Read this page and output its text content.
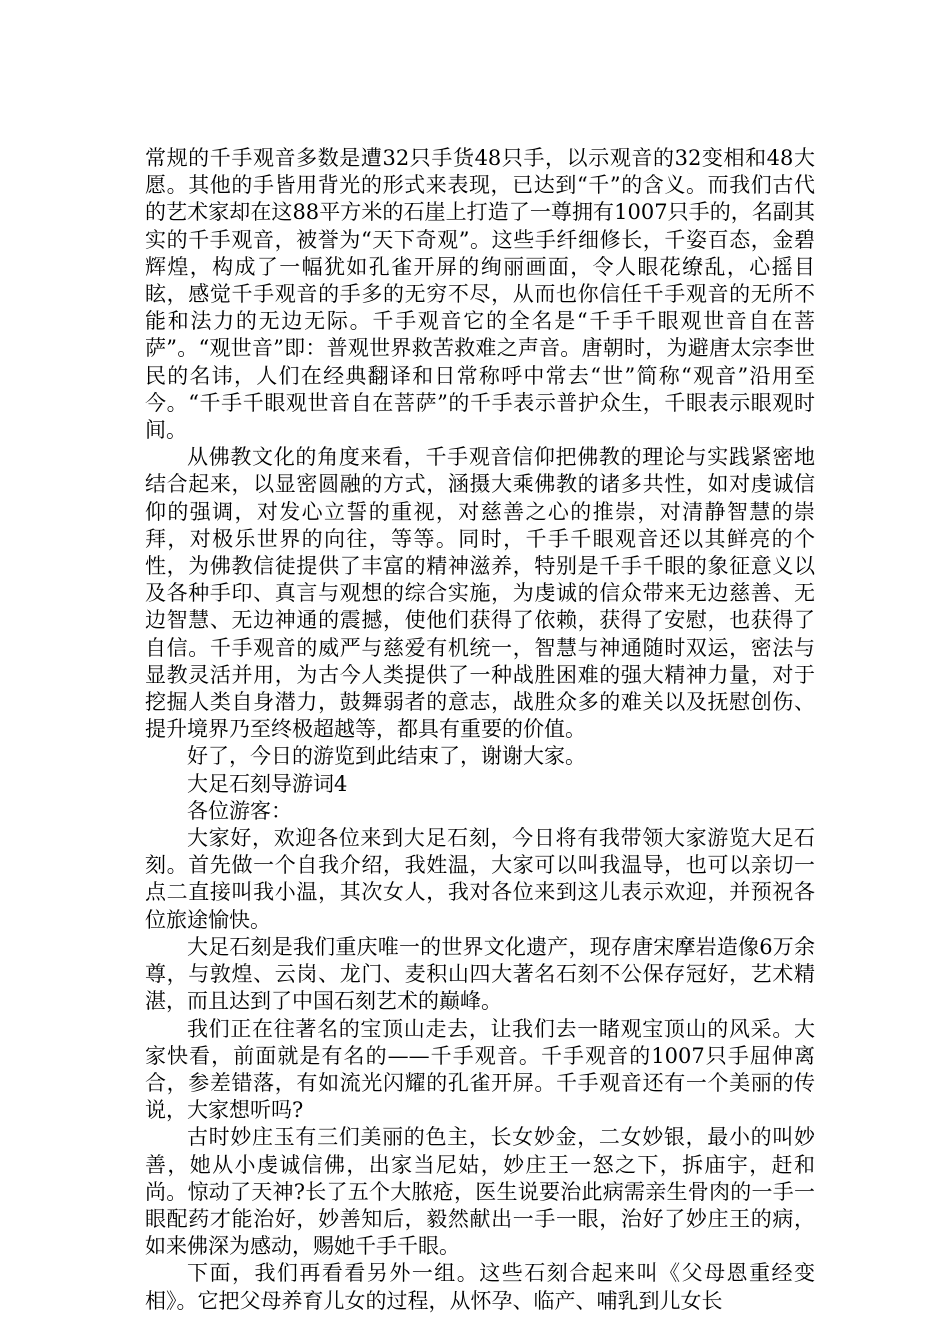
常规的千手观音多数是遭32只手货48只手，以示观音的32变相和48大愿。其他的手皆用背光的形式来表现，已达到“千”的含义。而我们古代的艺术家却在这88平方米的石崖上打造了一尊拥有1007只手的，名副其实的千手观音，被誉为“天下奇观”。这些手纤细修长，千姿百态，金碧辉煌，构成了一幅犹如孔雀开屏的绚丽画面，令人眼花缭乱，心摇目眩，感觉千手观音的手多的无穷不尽，从而也你信任千手观音的无所不能和法力的无边无际。千手观音它的全名是“千手千眼观世音自在菩萨”。“观世音”即：普观世界救苦救难之声音。唐朝时，为避唐太宗李世民的名讳，人们在经典翻译和日常称呼中常去“世”简称“观音”沿用至今。“千手千眼观世音自在菩萨”的千手表示普护众生，千眼表示眼观时间。

从佛教文化的角度来看，千手观音信仰把佛教的理论与实践紧密地结合起来，以显密圆融的方式，涵摄大乘佛教的诸多共性，如对虔诚信仰的强调，对发心立誓的重视，对慈善之心的推崇，对清静智慧的崇拜，对极乐世界的向往，等等。同时，千手千眼观音还以其鲜亮的个性，为佛教信徒提供了丰富的精神滋养，特别是千手千眼的象征意义以及各种手印、真言与观想的综合实施，为虔诚的信众带来无边慈善、无边智慧、无边神通的震撼，使他们获得了依赖，获得了安慰，也获得了自信。千手观音的威严与慈爱有机统一，智慧与神通随时双运，密法与显教灵活并用，为古今人类提供了一种战胜困难的强大精神力量，对于挖掘人类自身潜力，鼓舞弱者的意志，战胜众多的难关以及抚慰创伤、提升境界乃至终极超越等，都具有重要的价值。

好了，今日的游览到此结束了，谢谢大家。

大足石刻导游词4

各位游客：

大家好，欢迎各位来到大足石刻，今日将有我带领大家游览大足石刻。首先做一个自我介绍，我姓温，大家可以叫我温导，也可以亲切一点二直接叫我小温，其次女人，我对各位来到这儿表示欢迎，并预祝各位旅途愉快。

大足石刻是我们重庆唯一的世界文化遗产，现存唐宋摩岩造像6万余尊，与敦煌、云岗、龙门、麦积山四大著名石刻不公保存冠好，艺术精湛，而且达到了中国石刻艺术的巅峰。

我们正在往著名的宝顶山走去，让我们去一睹观宝顶山的风采。大家快看，前面就是有名的——千手观音。千手观音的1007只手屈伸离合，参差错落，有如流光闪耀的孔雀开屏。千手观音还有一个美丽的传说，大家想听吗?

古时妙庄玉有三们美丽的色主，长女妙金，二女妙银，最小的叫妙善，她从小虔诚信佛，出家当尼姑，妙庄王一怒之下，拆庙宇，赶和尚。惊动了天神?长了五个大脓疮，医生说要治此病需亲生骨肉的一手一眼配药才能治好，妙善知后，毅然献出一手一眼，治好了妙庄王的病，如来佛深为感动，赐她千手千眼。

下面，我们再看看另外一组。这些石刻合起来叫《父母恩重经变相》。它把父母养育儿女的过程，从怀孕、临产、哺乳到儿女长
